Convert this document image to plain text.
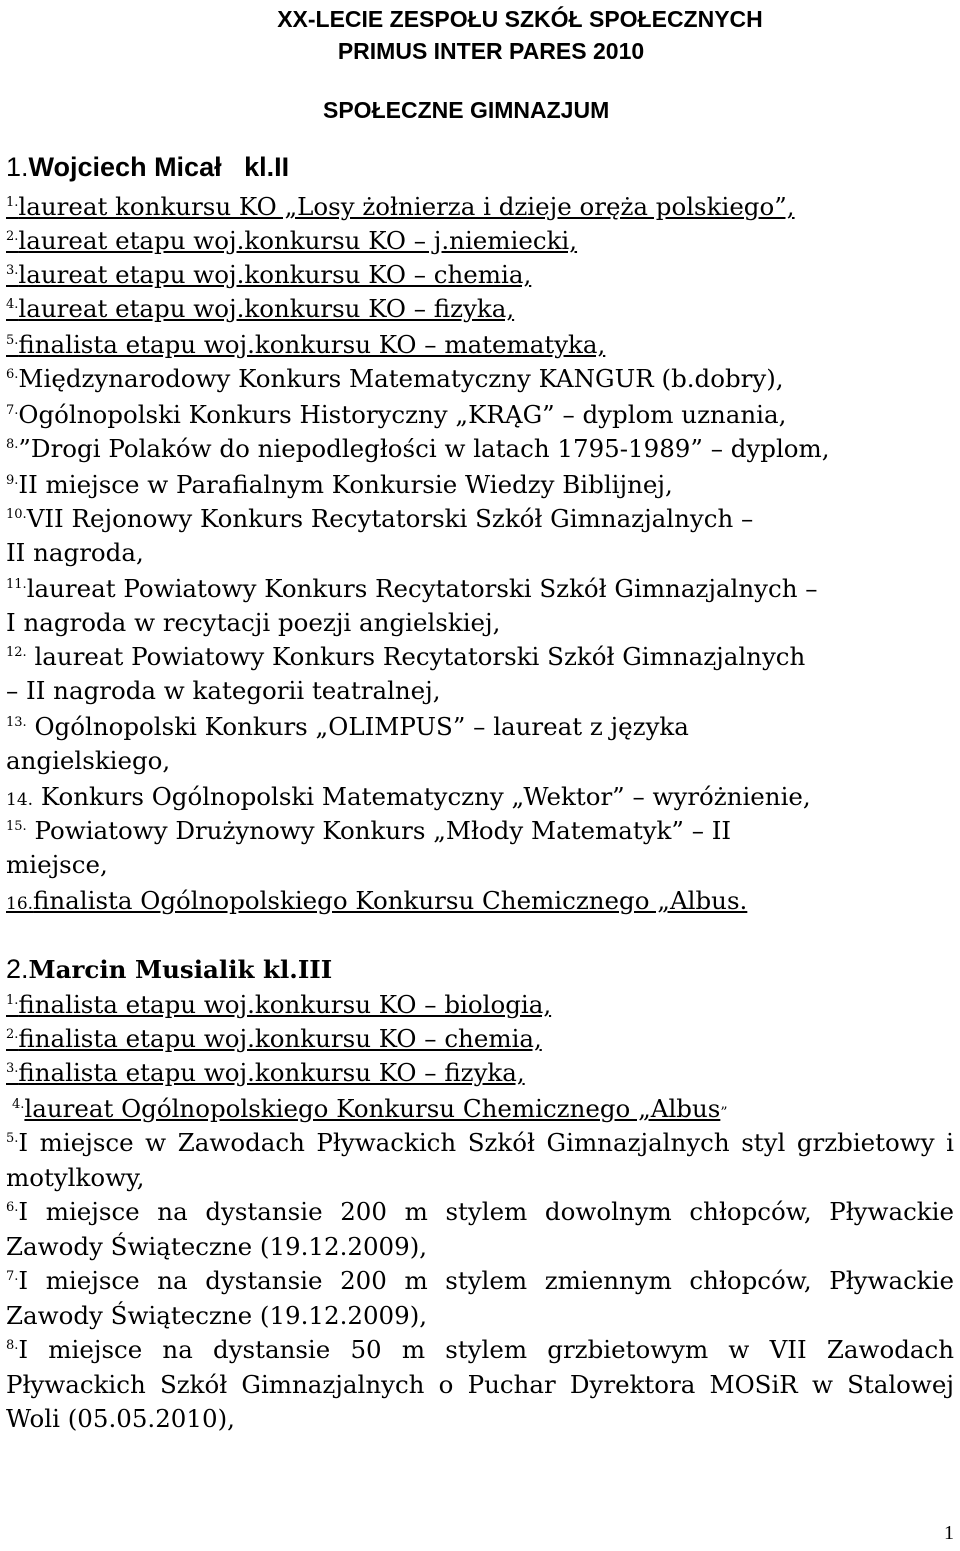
XX-LECIE ZESPOŁU SZKÓŁ SPOŁECZNYCH
PRIMUS INTER PARES 2010
SPOŁECZNE GIMNAZJUM
1.Wojciech Micał   kl.II
$^{1.}$laureat konkursu KO „Losy żołnierza i dzieje oręża polskiego”,
$^{2.}$laureat etapu woj.konkursu KO – j.niemiecki,
$^{3.}$laureat etapu woj.konkursu KO – chemia,
$^{4.}$laureat etapu woj.konkursu KO – fizyka,
$^{5.}$finalista etapu woj.konkursu KO – matematyka,
$^{6.}$Międzynarodowy Konkurs Matematyczny KANGUR (b.dobry),
$^{7.}$Ogólnopolski Konkurs Historyczny „KRĄG” – dyplom uznania,
$^{8.}$”Drogi Polaków do niepodległości w latach 1795-1989” – dyplom,
$^{9.}$II miejsce w Parafialnym Konkursie Wiedzy Biblijnej,
$^{10.}$VII Rejonowy Konkurs Recytatorski Szkół Gimnazjalnych –
II nagroda,
$^{11.}$laureat Powiatowy Konkurs Recytatorski Szkół Gimnazjalnych –
I nagroda w recytacji poezji angielskiej,
$^{12.}$ laureat Powiatowy Konkurs Recytatorski Szkół Gimnazjalnych
– II nagroda w kategorii teatralnej,
$^{13.}$ Ogólnopolski Konkurs „OLIMPUS” – laureat z języka
angielskiego,
14. Konkurs Ogólnopolski Matematyczny „Wektor” – wyróżnienie,
$^{15.}$ Powiatowy Drużynowy Konkurs „Młody Matematyk” – II
miejsce,
16.finalista Ogólnopolskiego Konkursu Chemicznego „Albus.
2.Marcin Musialik kl.III
$^{1.}$finalista etapu woj.konkursu KO – biologia,
$^{2.}$finalista etapu woj.konkursu KO – chemia,
$^{3.}$finalista etapu woj.konkursu KO – fizyka,
$^{4.}$laureat Ogólnopolskiego Konkursu Chemicznego „Albus”
$^{5.}$I miejsce w Zawodach Pływackich Szkół Gimnazjalnych styl grzbietowy i motylkowy,
$^{6.}$I miejsce na dystansie 200 m stylem dowolnym chłopców, Pływackie Zawody Świąteczne (19.12.2009),
$^{7.}$I miejsce na dystansie 200 m stylem zmiennym chłopców, Pływackie Zawody Świąteczne (19.12.2009),
$^{8.}$I miejsce na dystansie 50 m stylem grzbietowym w VII Zawodach Pływackich Szkół Gimnazjalnych o Puchar Dyrektora MOSiR w Stalowej Woli (05.05.2010),
1
